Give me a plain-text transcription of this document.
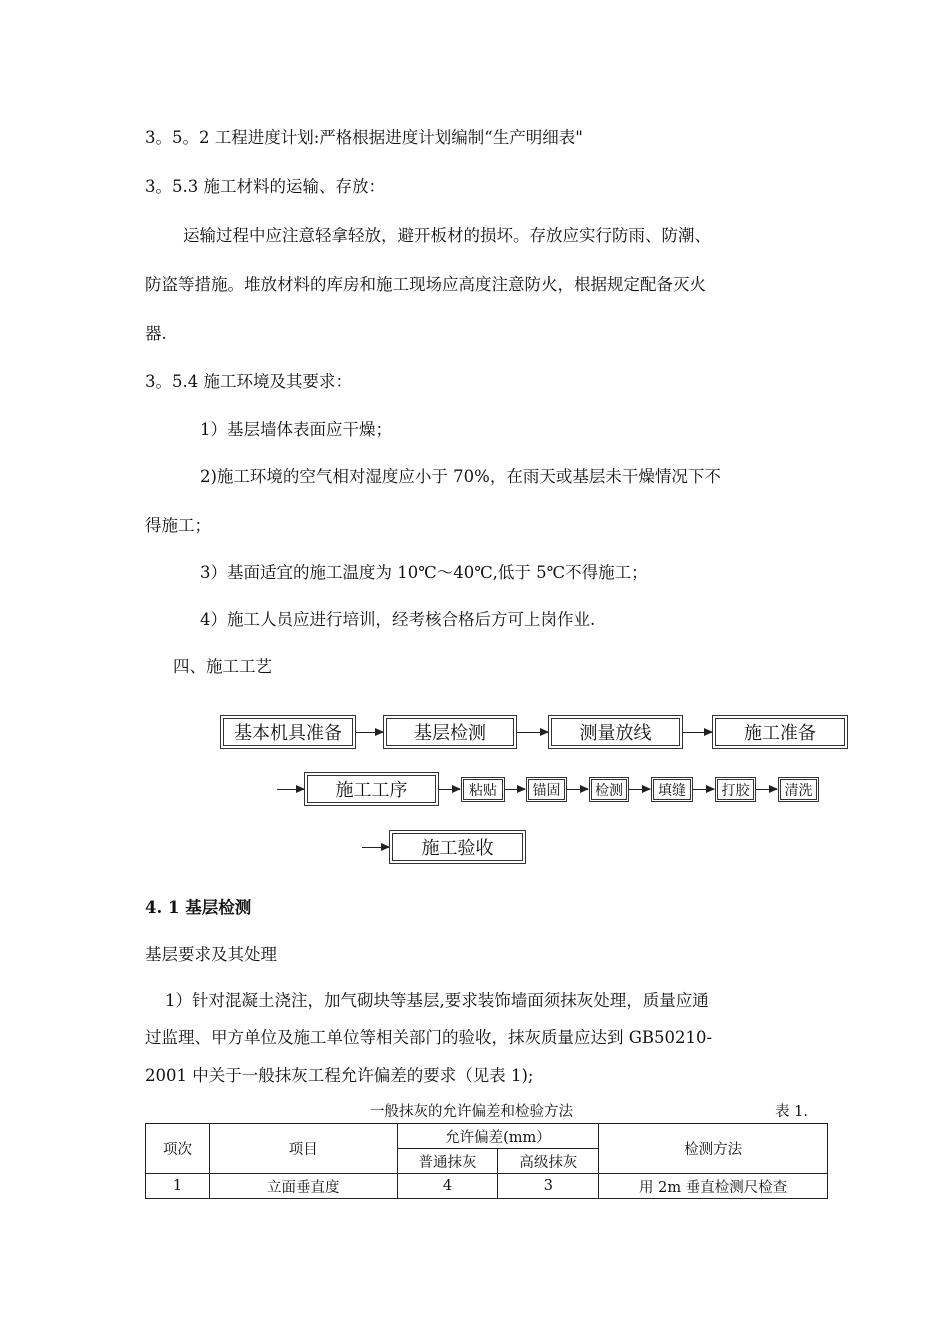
3。5。2 工程进度计划:严格根据进度计划编制“生产明细表"
3。5.3 施工材料的运输、存放：
运输过程中应注意轻拿轻放，避开板材的损坏。存放应实行防雨、防潮、
防盗等措施。堆放材料的库房和施工现场应高度注意防火，根据规定配备灭火
器.
3。5.4 施工环境及其要求：
1）基层墙体表面应干燥；
2)施工环境的空气相对湿度应小于 70%，在雨天或基层未干燥情况下不
得施工；
3）基面适宜的施工温度为 10℃～40℃,低于 5℃不得施工；
4）施工人员应进行培训，经考核合格后方可上岗作业.
四、施工工艺
基本机具准备	基层检测	测量放线	施工准备
施工工序	粘贴	锚固	检测	填缝	打胶	清洗
施工验收
4. 1 基层检测
基层要求及其处理
1）针对混凝土浇注，加气砌块等基层,要求装饰墙面须抹灰处理，质量应通
过监理、甲方单位及施工单位等相关部门的验收，抹灰质量应达到 GB50210-
2001 中关于一般抹灰工程允许偏差的要求（见表 1);
一般抹灰的允许偏差和检验方法	表 1.
项次	项目	允许偏差(mm）		检测方法
		普通抹灰	高级抹灰	
1	立面垂直度	4	3	用 2m 垂直检测尺检查
